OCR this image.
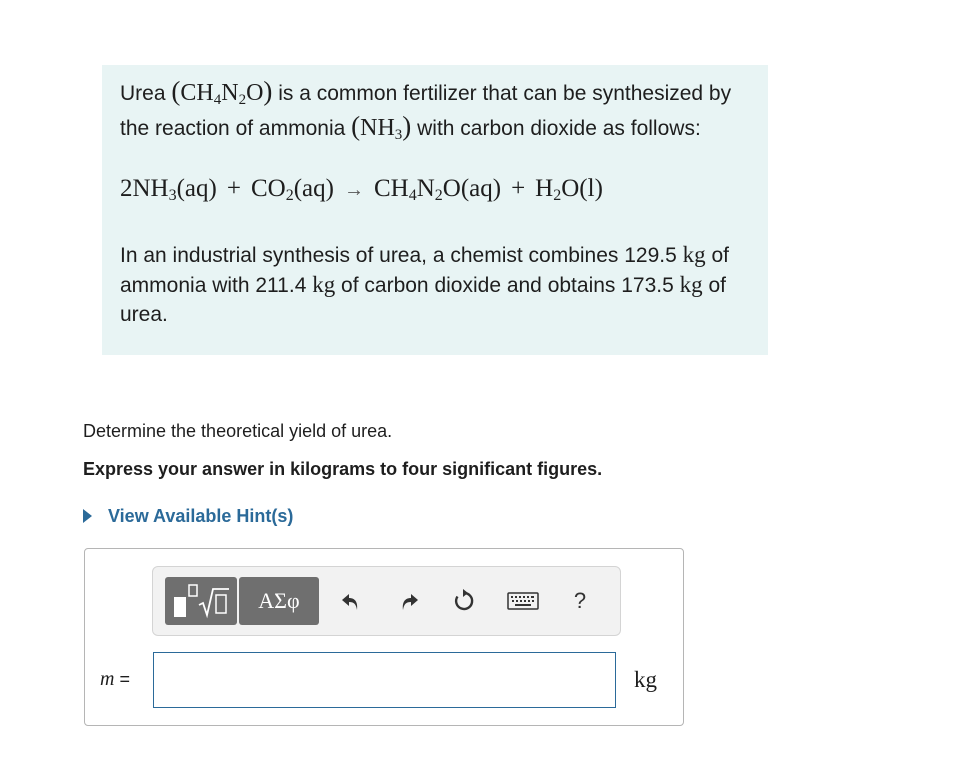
Urea $(CH_4N_2O)$ is a common fertilizer that can be synthesized by the reaction of ammonia $(NH_3)$ with carbon dioxide as follows:

$2NH_3(aq) + CO_2(aq) \to CH_4N_2O(aq) + H_2O(l)$
In an industrial synthesis of urea, a chemist combines 129.5 kg of ammonia with 211.4 kg of carbon dioxide and obtains 173.5 kg of urea.
Determine the theoretical yield of urea.
Express your answer in kilograms to four significant figures.
View Available Hint(s)
ΑΣφ	?
m =	kg
